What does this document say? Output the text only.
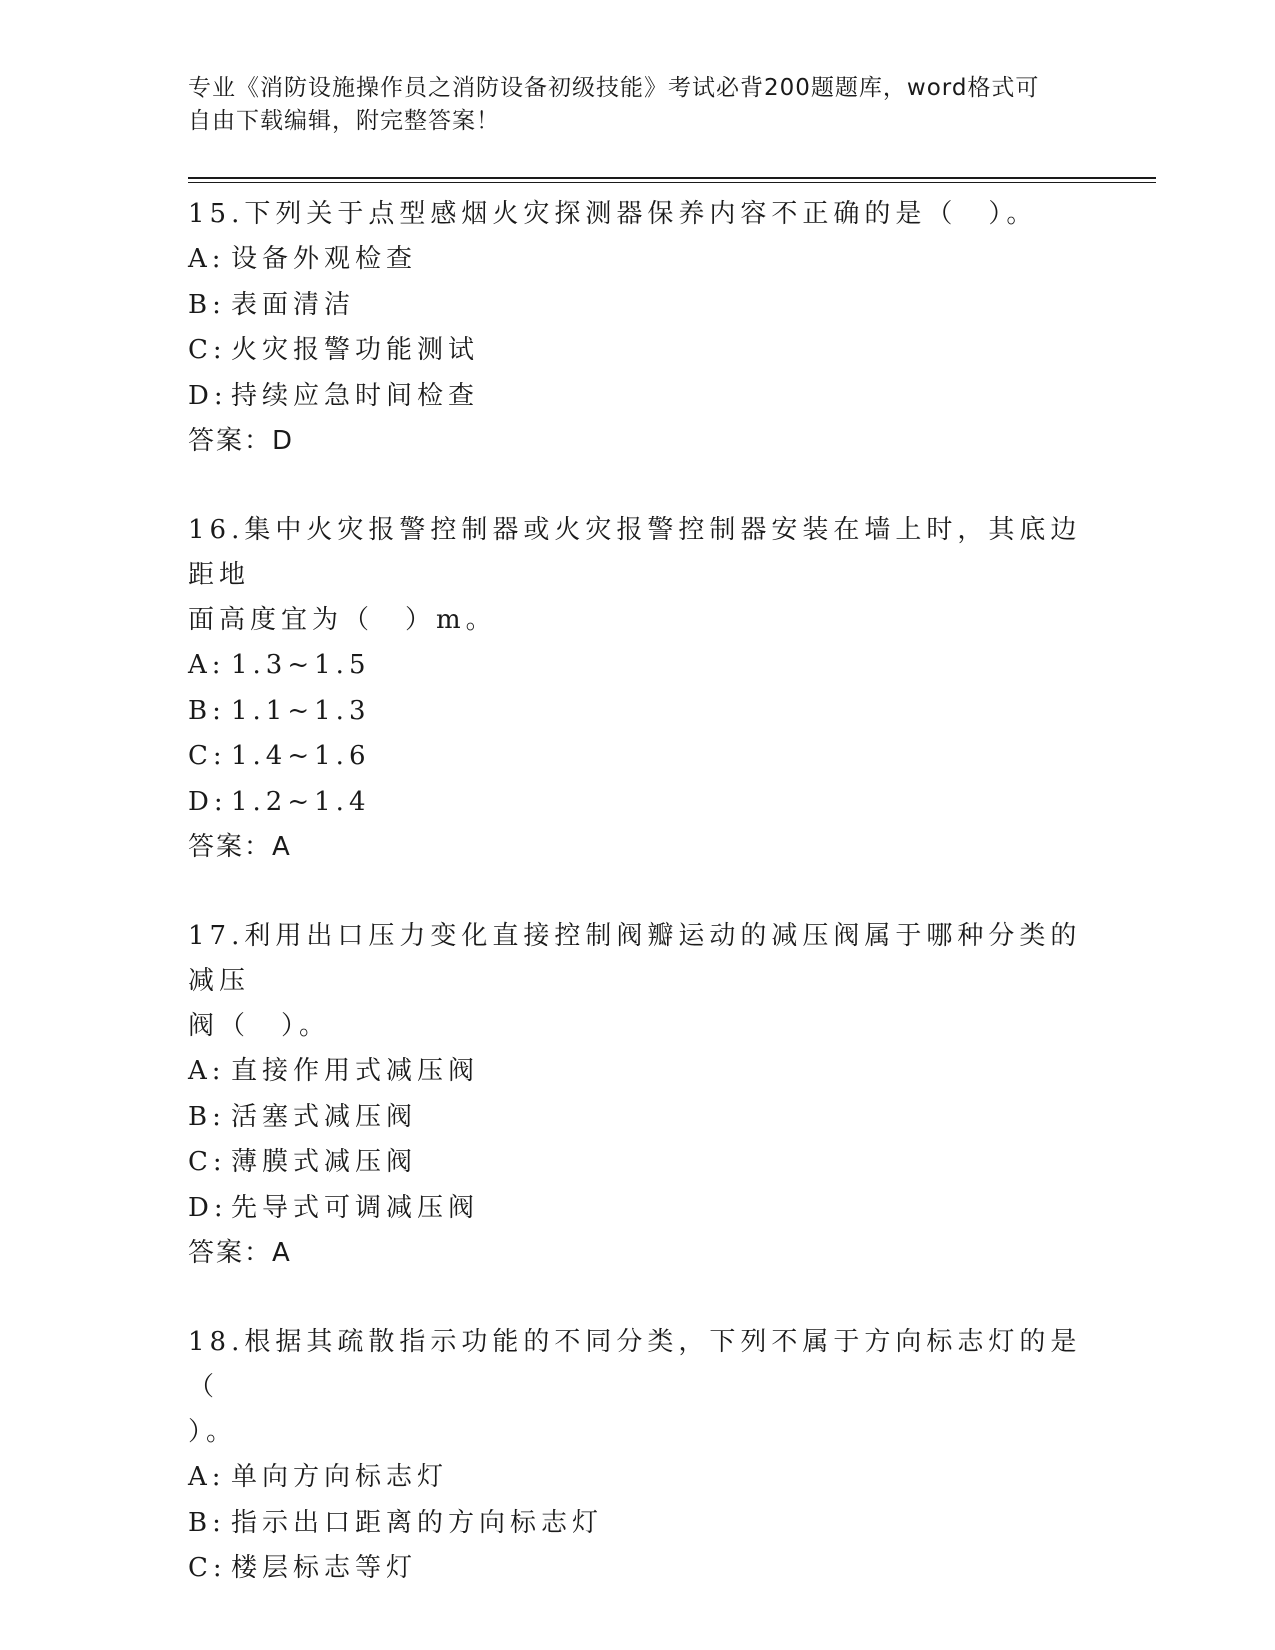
专业《消防设施操作员之消防设备初级技能》考试必背200题题库，word格式可
自由下载编辑，附完整答案！
15.下列关于点型感烟火灾探测器保养内容不正确的是（　）。
A: 设备外观检查
B: 表面清洁
C: 火灾报警功能测试
D: 持续应急时间检查
答案：D
16.集中火灾报警控制器或火灾报警控制器安装在墙上时，其底边距地
面高度宜为（　）m。
A: 1.3~1.5
B: 1.1~1.3
C: 1.4~1.6
D: 1.2~1.4
答案：A
17.利用出口压力变化直接控制阀瓣运动的减压阀属于哪种分类的减压
阀（　）。
A: 直接作用式减压阀
B: 活塞式减压阀
C: 薄膜式减压阀
D: 先导式可调减压阀
答案：A
18.根据其疏散指示功能的不同分类，下列不属于方向标志灯的是（
）。
A: 单向方向标志灯
B: 指示出口距离的方向标志灯
C: 楼层标志等灯
